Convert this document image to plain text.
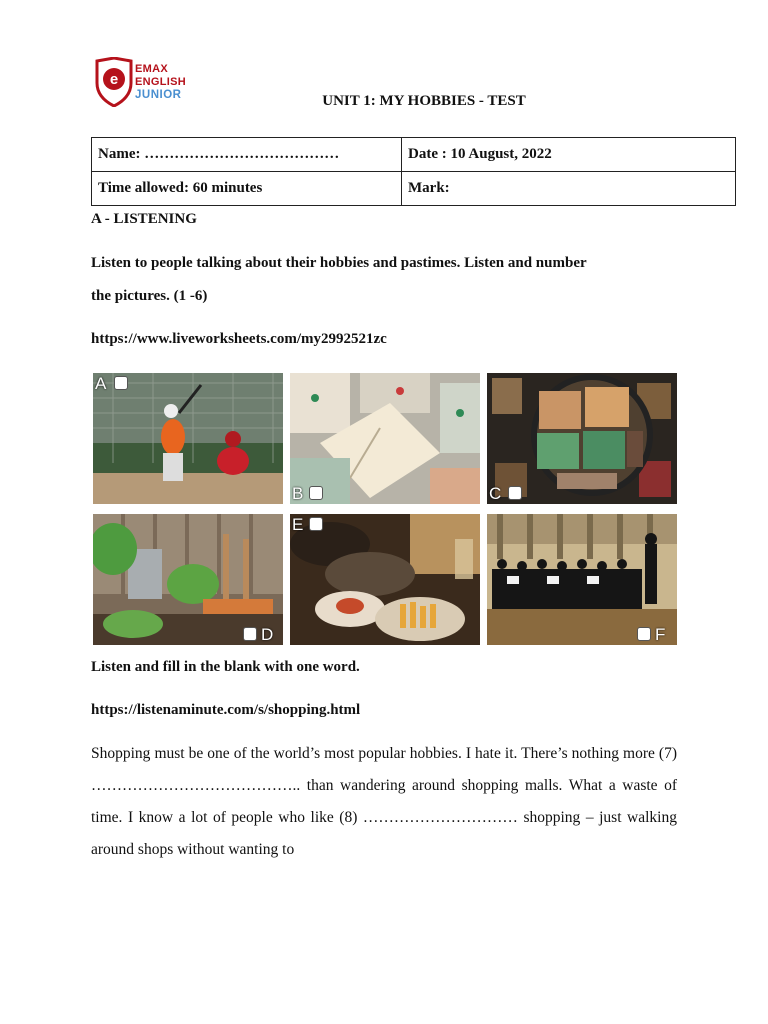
e
EMAX
ENGLISH
JUNIOR	UNIT 1: MY HOBBIES - TEST
Name: …………………………………	Date : 10 August, 2022
Time allowed: 60 minutes	Mark:

A - LISTENING

Listen to people talking about their hobbies and pastimes. Listen and number

the pictures. (1 -6)

https://www.liveworksheets.com/my2992521zc

A
B	C
D
E
F

Listen and fill in the blank with one word.

https://listenaminute.com/s/shopping.html

Shopping must be one of the world’s most popular hobbies. I hate it. There’s nothing more (7) ………………………………….. than wandering around shopping malls. What a waste of time. I know a lot of people who like (8) ………………………… shopping – just walking around shops without wanting to
